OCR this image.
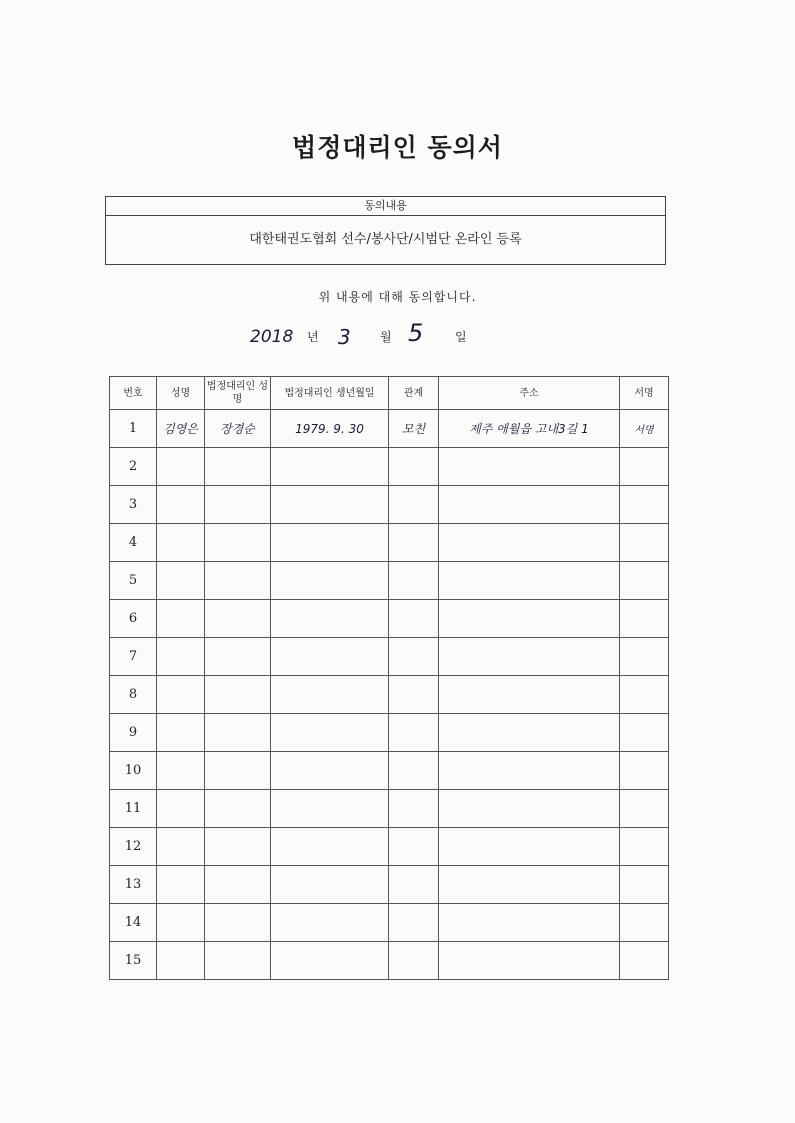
법정대리인 동의서
동의내용
대한태권도협회 선수/봉사단/시범단 온라인 등록
위 내용에 대해 동의합니다.
2018 년 3 월 5	일
번호	성명	법정대리인 성명	법정대리인 생년월일	관계	주소	서명
1	김영은	장경순	1979. 9. 30	모친	제주 애월읍 고내3길 1	서명
2						
3						
4						
5						
6						
7						
8						
9						
10						
11						
12						
13						
14						
15						
